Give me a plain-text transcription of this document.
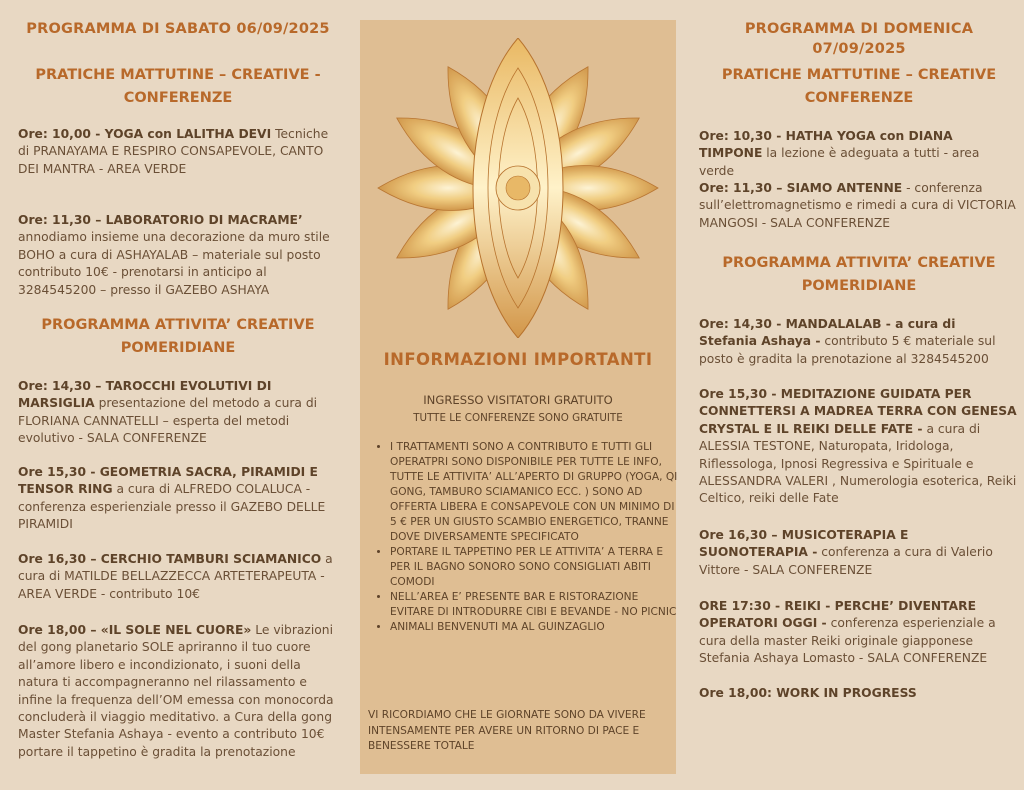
PROGRAMMA DI SABATO 06/09/2025
PRATICHE MATTUTINE – CREATIVE - CONFERENZE
Ore: 10,00 - YOGA con LALITHA DEVI Tecniche di PRANAYAMA E RESPIRO CONSAPEVOLE, CANTO DEI MANTRA - AREA VERDE
Ore: 11,30 – LABORATORIO DI MACRAME’ annodiamo insieme una decorazione da muro stile BOHO a cura di ASHAYALAB – materiale sul posto contributo 10€ - prenotarsi in anticipo al 3284545200 – presso il GAZEBO ASHAYA
PROGRAMMA ATTIVITA’ CREATIVE POMERIDIANE
Ore: 14,30 – TAROCCHI EVOLUTIVI DI MARSIGLIA presentazione del metodo a cura di FLORIANA CANNATELLI – esperta del metodi evolutivo - SALA CONFERENZE
Ore 15,30 - GEOMETRIA SACRA, PIRAMIDI E TENSOR RING a cura di ALFREDO COLALUCA - conferenza esperienziale presso il GAZEBO DELLE PIRAMIDI
Ore 16,30 – CERCHIO TAMBURI SCIAMANICO a cura di MATILDE BELLAZZECCA ARTETERAPEUTA - AREA VERDE - contributo 10€
Ore 18,00 – «IL SOLE NEL CUORE» Le vibrazioni del gong planetario SOLE apriranno il tuo cuore all’amore libero e incondizionato, i suoni della natura ti accompagneranno nel rilassamento e infine la frequenza dell’OM emessa con monocorda concluderà il viaggio meditativo. a Cura della gong Master Stefania Ashaya - evento a contributo 10€ portare il tappetino è gradita la prenotazione
INFORMAZIONI IMPORTANTI
INGRESSO VISITATORI GRATUITO
TUTTE LE CONFERENZE SONO GRATUITE
• I TRATTAMENTI SONO A CONTRIBUTO E TUTTI GLI OPERATPRI SONO DISPONIBILE PER TUTTE LE INFO, TUTTE LE ATTIVITA’ ALL’APERTO DI GRUPPO (YOGA, QI GONG, TAMBURO SCIAMANICO ECC. ) SONO AD OFFERTA LIBERA E CONSAPEVOLE CON UN MINIMO DI 5 € PER UN GIUSTO SCAMBIO ENERGETICO, TRANNE DOVE DIVERSAMENTE SPECIFICATO
• PORTARE IL TAPPETINO PER LE ATTIVITA’ A TERRA E PER IL BAGNO SONORO SONO CONSIGLIATI ABITI COMODI
• NELL’AREA E’ PRESENTE BAR E RISTORAZIONE EVITARE DI INTRODURRE CIBI E BEVANDE - NO PICNIC
• ANIMALI BENVENUTI MA AL GUINZAGLIO
VI RICORDIAMO CHE LE GIORNATE SONO DA VIVERE INTENSAMENTE PER AVERE UN RITORNO DI PACE E BENESSERE TOTALE
PROGRAMMA DI DOMENICA 07/09/2025
PRATICHE MATTUTINE – CREATIVE CONFERENZE
Ore: 10,30 - HATHA YOGA con DIANA TIMPONE la lezione è adeguata a tutti - area verde
Ore: 11,30 – SIAMO ANTENNE - conferenza sull’elettromagnetismo e rimedi a cura di VICTORIA MANGOSI - SALA CONFERENZE
PROGRAMMA ATTIVITA’ CREATIVE POMERIDIANE
Ore: 14,30 - MANDALALAB - a cura di Stefania Ashaya - contributo 5 € materiale sul posto è gradita la prenotazione al 3284545200
Ore 15,30 - MEDITAZIONE GUIDATA PER CONNETTERSI A MADREA TERRA CON GENESA CRYSTAL E IL REIKI DELLE FATE - a cura di ALESSIA TESTONE, Naturopata, Iridologa, Riflessologa, Ipnosi Regressiva e Spirituale e ALESSANDRA VALERI , Numerologia esoterica, Reiki Celtico, reiki delle Fate
Ore 16,30 – MUSICOTERAPIA E SUONOTERAPIA - conferenza a cura di Valerio Vittore - SALA CONFERENZE
ORE 17:30 - REIKI - PERCHE’ DIVENTARE OPERATORI OGGI - conferenza esperienziale a cura della master Reiki originale giapponese Stefania Ashaya Lomasto - SALA CONFERENZE
Ore 18,00: WORK IN PROGRESS
